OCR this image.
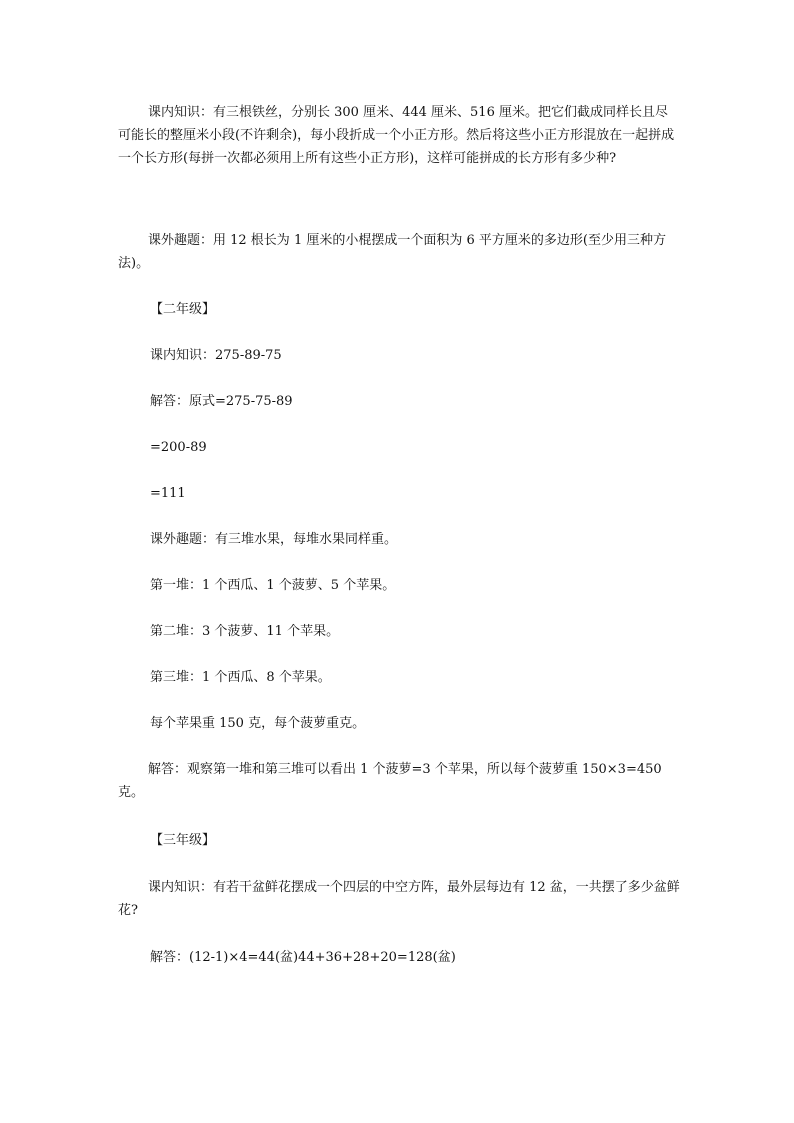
课内知识：有三根铁丝，分别长 300 厘米、444 厘米、516 厘米。把它们截成同样长且尽可能长的整厘米小段(不许剩余)，每小段折成一个小正方形。然后将这些小正方形混放在一起拼成一个长方形(每拼一次都必须用上所有这些小正方形)，这样可能拼成的长方形有多少种?

课外趣题：用 12 根长为 1 厘米的小棍摆成一个面积为 6 平方厘米的多边形(至少用三种方法)。

【二年级】

课内知识：275-89-75

解答：原式=275-75-89

=200-89

=111

课外趣题：有三堆水果，每堆水果同样重。

第一堆：1 个西瓜、1 个菠萝、5 个苹果。

第二堆：3 个菠萝、11 个苹果。

第三堆：1 个西瓜、8 个苹果。

每个苹果重 150 克，每个菠萝重克。

解答：观察第一堆和第三堆可以看出 1 个菠萝=3 个苹果，所以每个菠萝重 150×3=450 克。

【三年级】

课内知识：有若干盆鲜花摆成一个四层的中空方阵，最外层每边有 12 盆，一共摆了多少盆鲜花?

解答：(12-1)×4=44(盆)44+36+28+20=128(盆)
